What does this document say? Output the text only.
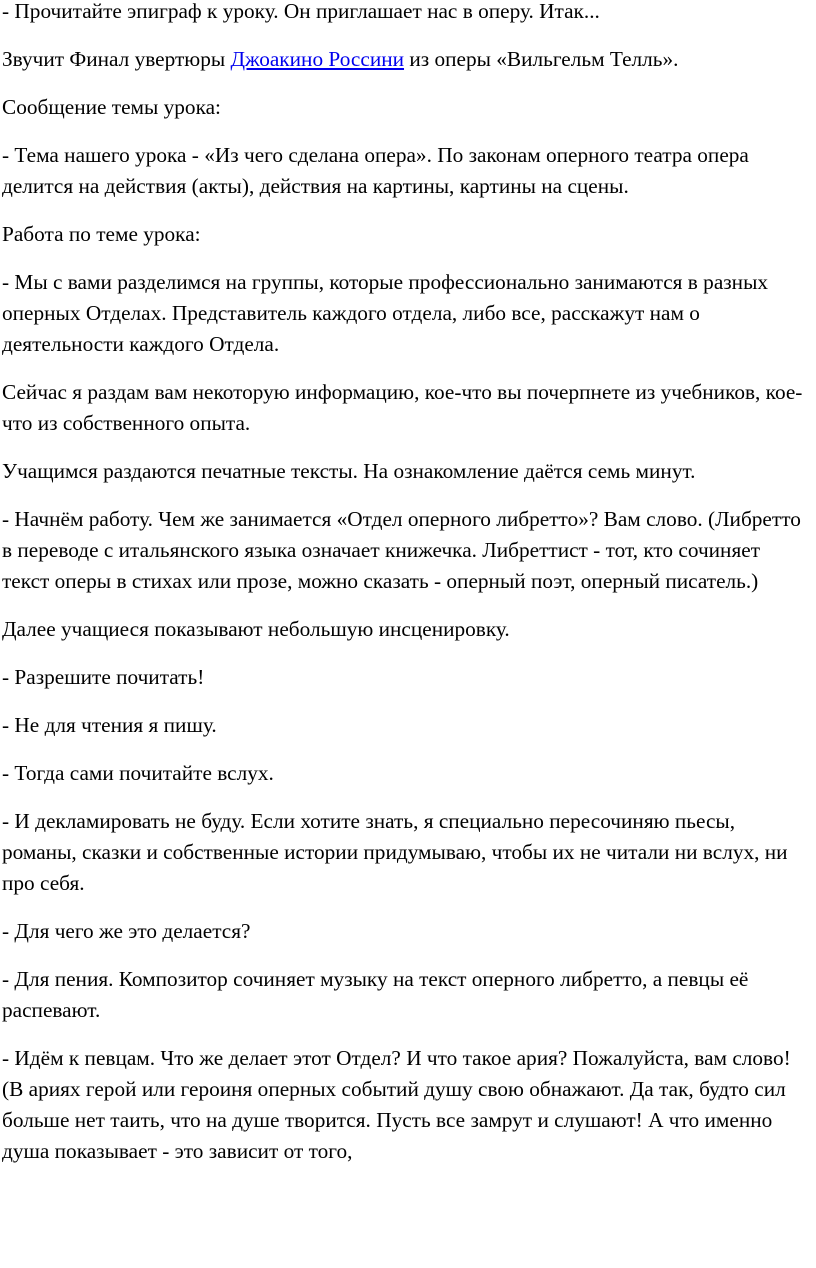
- Прочитайте эпиграф к уроку. Он приглашает нас в оперу. Итак...

Звучит Финал увертюры Джоакино Россини из оперы «Вильгельм Телль».

Сообщение темы урока:

- Тема нашего урока - «Из чего сделана опера». По законам оперного театра опера делится на действия (акты), действия на картины, картины на сцены.

Работа по теме урока:

- Мы с вами разделимся на группы, которые профессионально занимаются в разных оперных Отделах. Представитель каждого отдела, либо все, расскажут нам о деятельности каждого Отдела.

Сейчас я раздам вам некоторую информацию, кое-что вы почерпнете из учебников, кое-что из собственного опыта.

Учащимся раздаются печатные тексты. На ознакомление даётся семь минут.

- Начнём работу. Чем же занимается «Отдел оперного либретто»? Вам слово. (Либретто в переводе с итальянского языка означает книжечка. Либреттист - тот, кто сочиняет текст оперы в стихах или прозе, можно сказать - оперный поэт, оперный писатель.)

Далее учащиеся показывают небольшую инсценировку.

- Разрешите почитать!

- Не для чтения я пишу.

- Тогда сами почитайте вслух.

- И декламировать не буду. Если хотите знать, я специально пересочиняю пьесы, романы, сказки и собственные истории придумываю, чтобы их не читали ни вслух, ни про себя.

- Для чего же это делается?

- Для пения. Композитор сочиняет музыку на текст оперного либретто, а певцы её распевают.

- Идём к певцам. Что же делает этот Отдел? И что такое ария? Пожалуйста, вам слово! (В ариях герой или героиня оперных событий душу свою обнажают. Да так, будто сил больше нет таить, что на душе творится. Пусть все замрут и слушают! А что именно душа показывает - это зависит от того,
